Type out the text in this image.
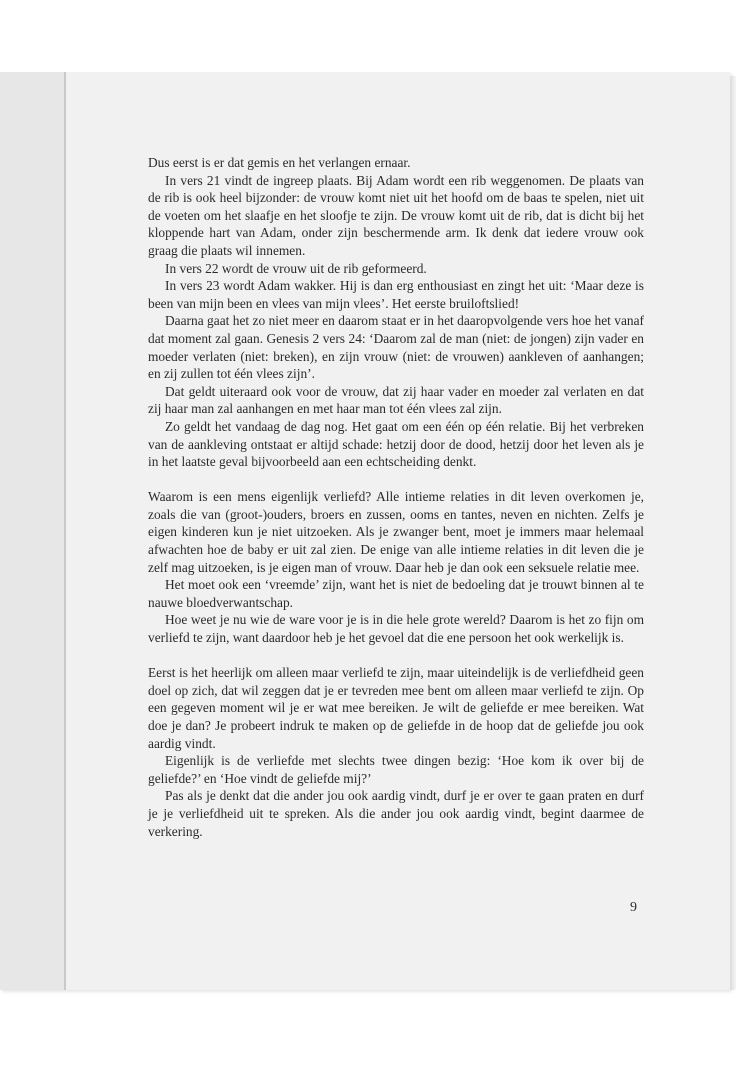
Dus eerst is er dat gemis en het verlangen ernaar.

In vers 21 vindt de ingreep plaats. Bij Adam wordt een rib weggenomen. De plaats van de rib is ook heel bijzonder: de vrouw komt niet uit het hoofd om de baas te spelen, niet uit de voeten om het slaafje en het sloofje te zijn. De vrouw komt uit de rib, dat is dicht bij het kloppende hart van Adam, onder zijn beschermende arm. Ik denk dat iedere vrouw ook graag die plaats wil innemen.

In vers 22 wordt de vrouw uit de rib geformeerd.

In vers 23 wordt Adam wakker. Hij is dan erg enthousiast en zingt het uit: ‘Maar deze is been van mijn been en vlees van mijn vlees’. Het eerste bruiloftslied!

Daarna gaat het zo niet meer en daarom staat er in het daaropvolgende vers hoe het vanaf dat moment zal gaan. Genesis 2 vers 24: ‘Daarom zal de man (niet: de jongen) zijn vader en moeder verlaten (niet: breken), en zijn vrouw (niet: de vrouwen) aankleven of aanhangen; en zij zullen tot één vlees zijn’.

Dat geldt uiteraard ook voor de vrouw, dat zij haar vader en moeder zal verlaten en dat zij haar man zal aanhangen en met haar man tot één vlees zal zijn.

Zo geldt het vandaag de dag nog. Het gaat om een één op één relatie. Bij het verbreken van de aankleving ontstaat er altijd schade: hetzij door de dood, hetzij door het leven als je in het laatste geval bijvoorbeeld aan een echtscheiding denkt.

Waarom is een mens eigenlijk verliefd? Alle intieme relaties in dit leven overkomen je, zoals die van (groot-)ouders, broers en zussen, ooms en tantes, neven en nichten. Zelfs je eigen kinderen kun je niet uitzoeken. Als je zwanger bent, moet je immers maar helemaal afwachten hoe de baby er uit zal zien. De enige van alle intieme relaties in dit leven die je zelf mag uitzoeken, is je eigen man of vrouw. Daar heb je dan ook een seksuele relatie mee.

Het moet ook een ‘vreemde’ zijn, want het is niet de bedoeling dat je trouwt binnen al te nauwe bloedverwantschap.

Hoe weet je nu wie de ware voor je is in die hele grote wereld? Daarom is het zo fijn om verliefd te zijn, want daardoor heb je het gevoel dat die ene persoon het ook werkelijk is.

Eerst is het heerlijk om alleen maar verliefd te zijn, maar uiteindelijk is de verliefdheid geen doel op zich, dat wil zeggen dat je er tevreden mee bent om alleen maar verliefd te zijn. Op een gegeven moment wil je er wat mee bereiken. Je wilt de geliefde er mee bereiken. Wat doe je dan? Je probeert indruk te maken op de geliefde in de hoop dat de geliefde jou ook aardig vindt.

Eigenlijk is de verliefde met slechts twee dingen bezig: ‘Hoe kom ik over bij de geliefde?’ en ‘Hoe vindt de geliefde mij?’

Pas als je denkt dat die ander jou ook aardig vindt, durf je er over te gaan praten en durf je je verliefdheid uit te spreken. Als die ander jou ook aardig vindt, begint daarmee de verkering.

9
